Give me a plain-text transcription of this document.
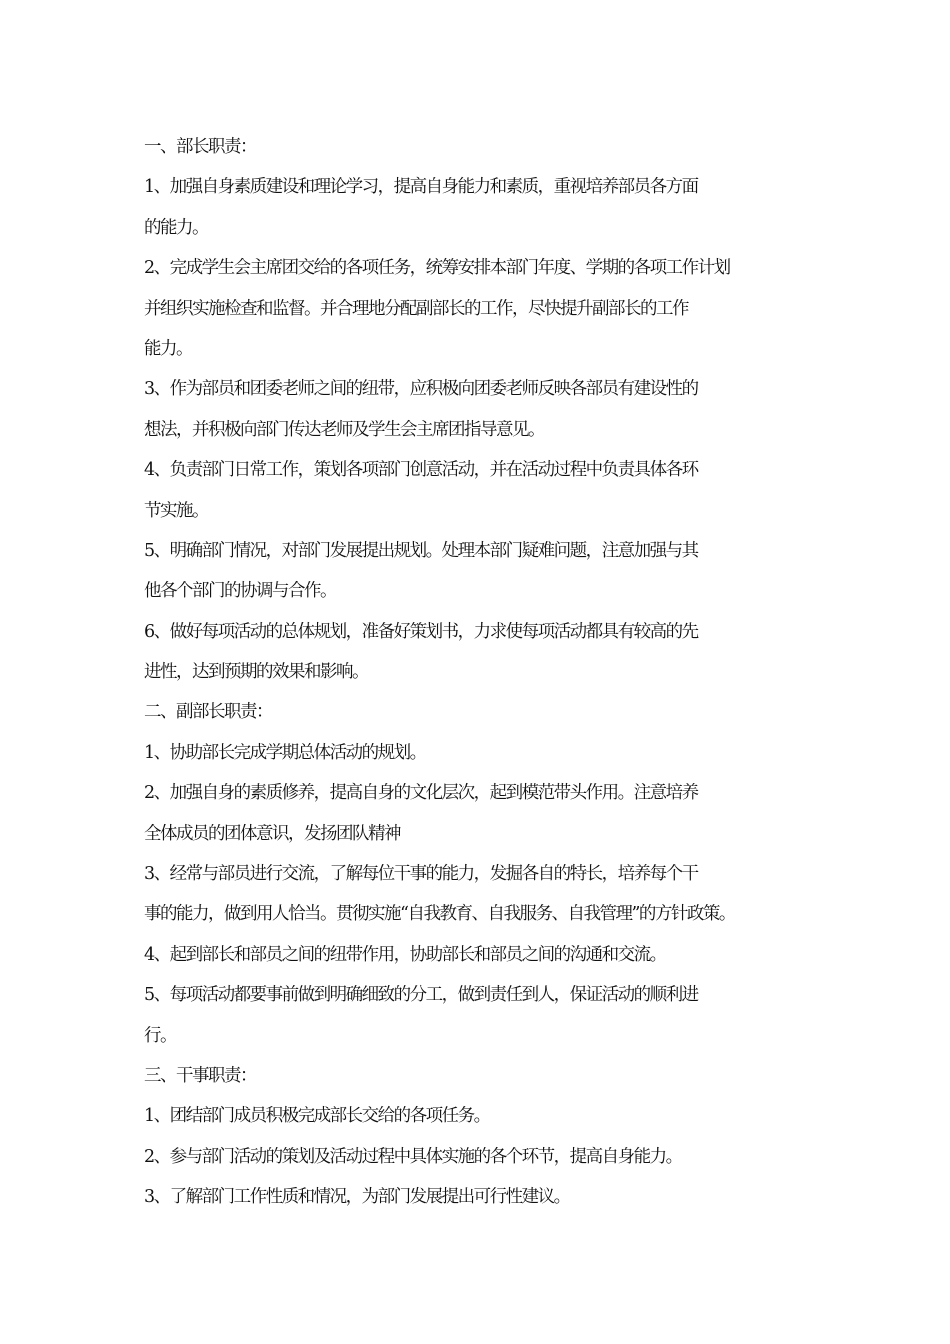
一、部长职责：
1、加强自身素质建设和理论学习，提高自身能力和素质，重视培养部员各方面
的能力。
2、完成学生会主席团交给的各项任务，统筹安排本部门年度、学期的各项工作计划
并组织实施检查和监督。并合理地分配副部长的工作，尽快提升副部长的工作
能力。
3、作为部员和团委老师之间的纽带，应积极向团委老师反映各部员有建设性的
想法，并积极向部门传达老师及学生会主席团指导意见。
4、负责部门日常工作，策划各项部门创意活动，并在活动过程中负责具体各环
节实施。
5、明确部门情况，对部门发展提出规划。处理本部门疑难问题，注意加强与其
他各个部门的协调与合作。
6、做好每项活动的总体规划，准备好策划书，力求使每项活动都具有较高的先
进性，达到预期的效果和影响。
二、副部长职责：
1、协助部长完成学期总体活动的规划。
2、加强自身的素质修养，提高自身的文化层次，起到模范带头作用。注意培养
全体成员的团体意识，发扬团队精神
3、经常与部员进行交流，了解每位干事的能力，发掘各自的特长，培养每个干
事的能力，做到用人恰当。贯彻实施“自我教育、自我服务、自我管理”的方针政策。
4、起到部长和部员之间的纽带作用，协助部长和部员之间的沟通和交流。
5、每项活动都要事前做到明确细致的分工，做到责任到人，保证活动的顺利进
行。
三、干事职责：
1、团结部门成员积极完成部长交给的各项任务。
2、参与部门活动的策划及活动过程中具体实施的各个环节，提高自身能力。
3、了解部门工作性质和情况，为部门发展提出可行性建议。
